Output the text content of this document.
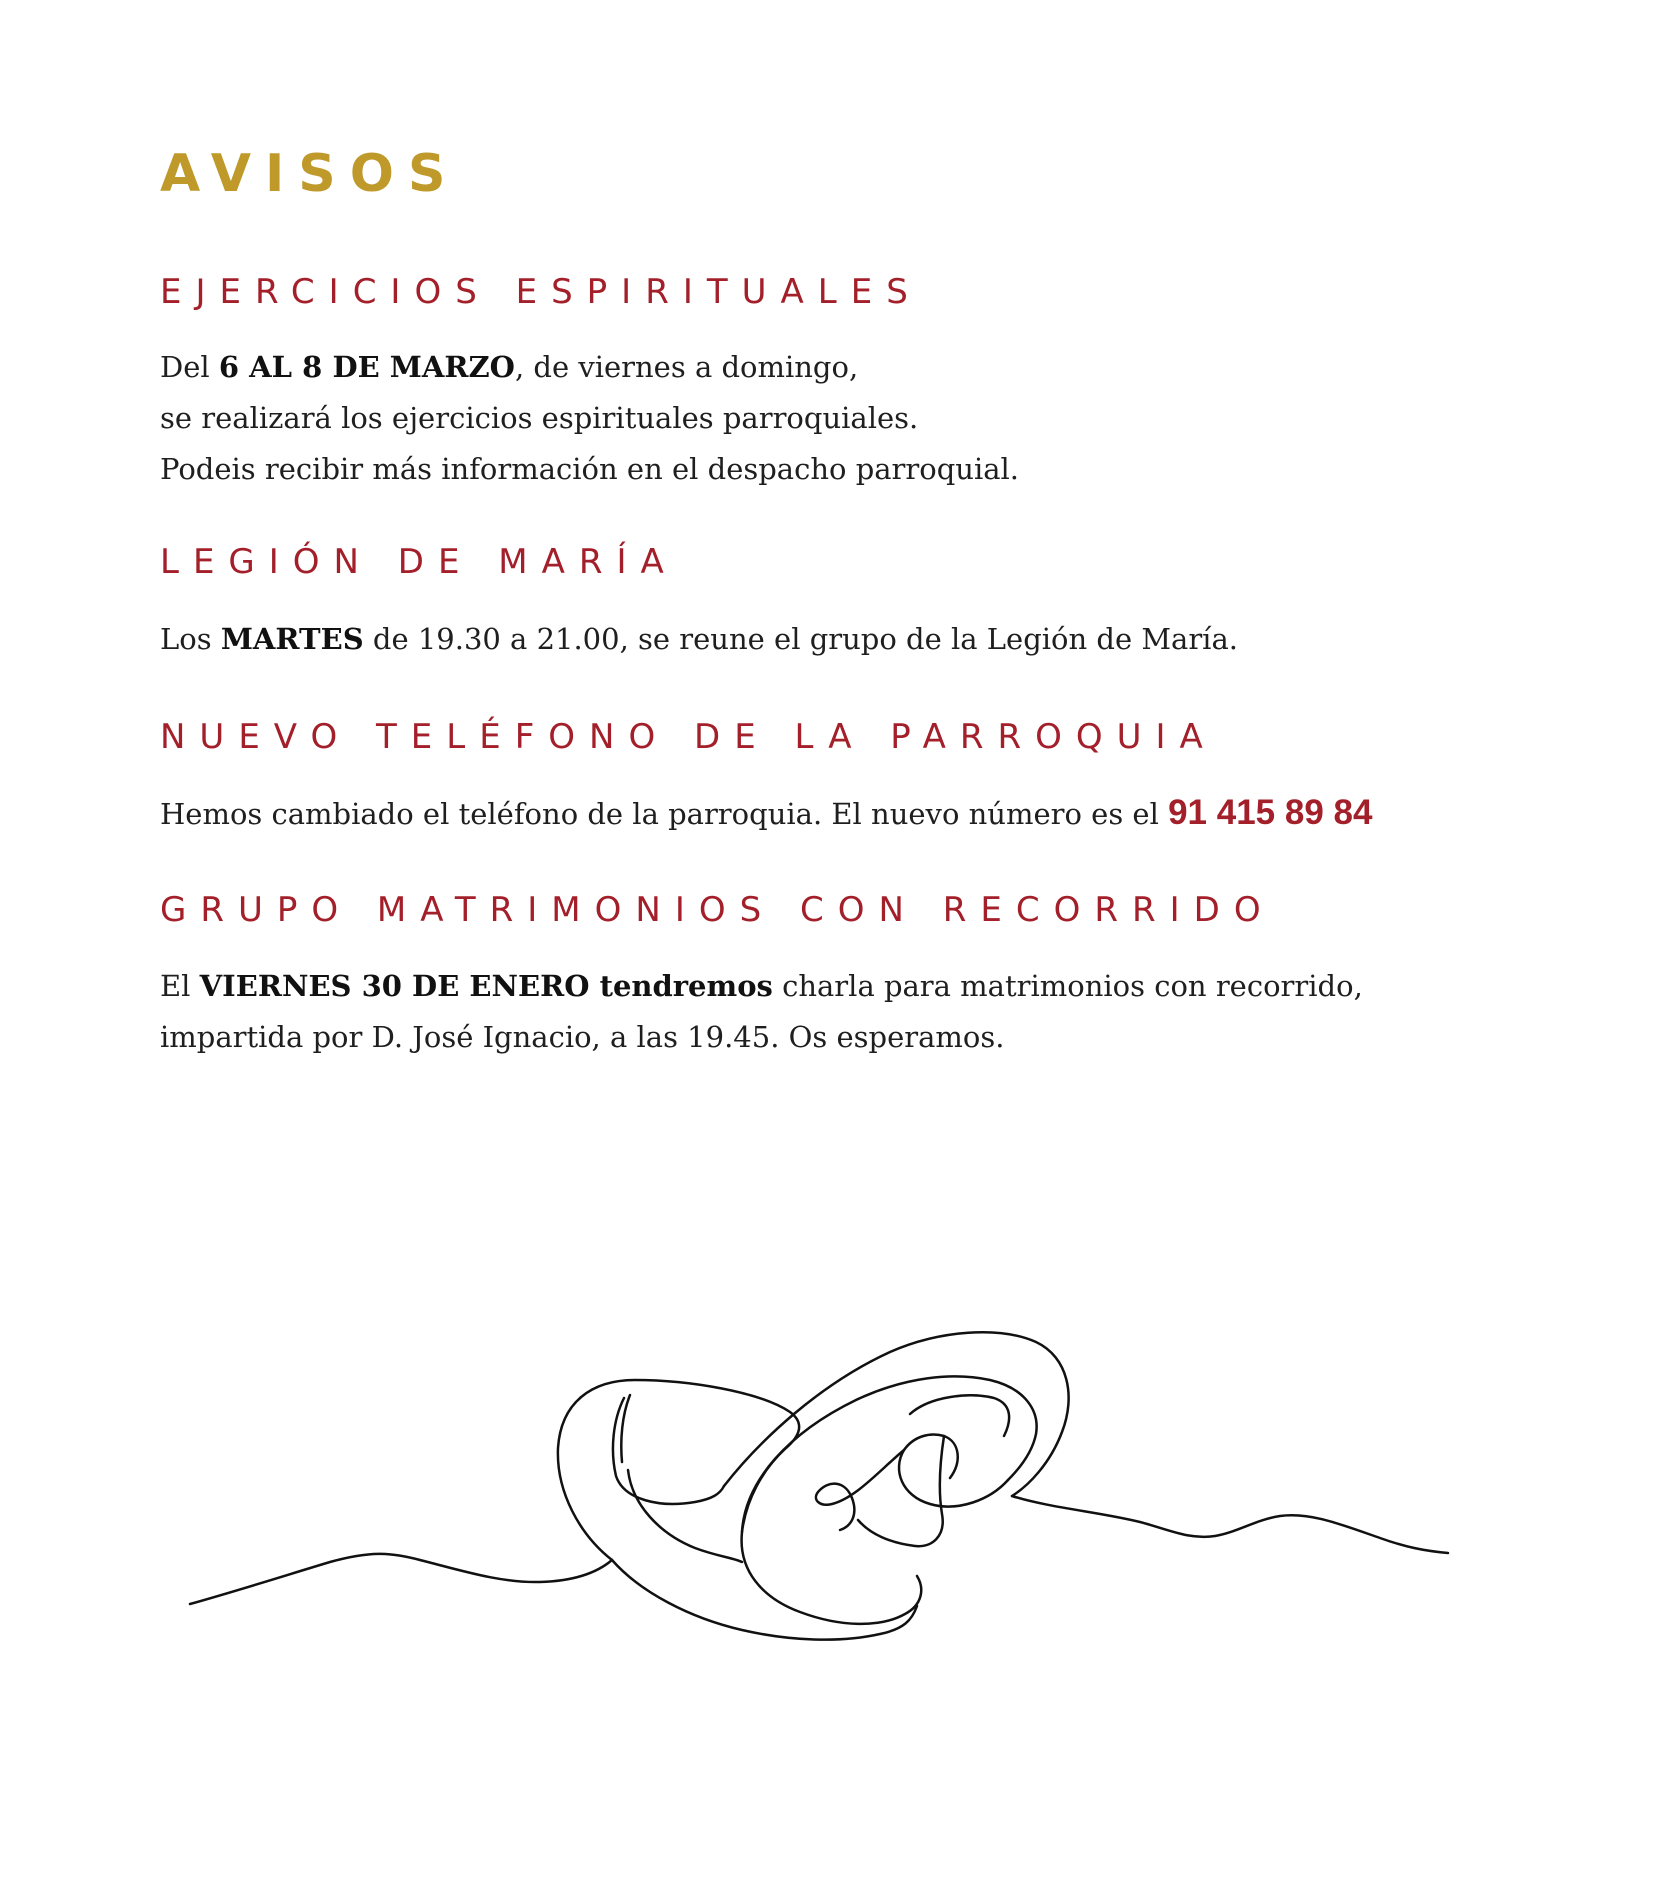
AVISOS
EJERCICIOS ESPIRITUALES
Del 6 AL 8 DE MARZO, de viernes a domingo,
se realizará los ejercicios espirituales parroquiales.
Podeis recibir más información en el despacho parroquial.
LEGIÓN DE MARÍA
Los MARTES de 19.30 a 21.00, se reune el grupo de la Legión de María.
NUEVO TELÉFONO DE LA PARROQUIA
Hemos cambiado el teléfono de la parroquia. El nuevo número es el 91 415 89 84
GRUPO MATRIMONIOS CON RECORRIDO
El VIERNES 30 DE ENERO tendremos charla para matrimonios con recorrido,
impartida por D. José Ignacio, a las 19.45. Os esperamos.
